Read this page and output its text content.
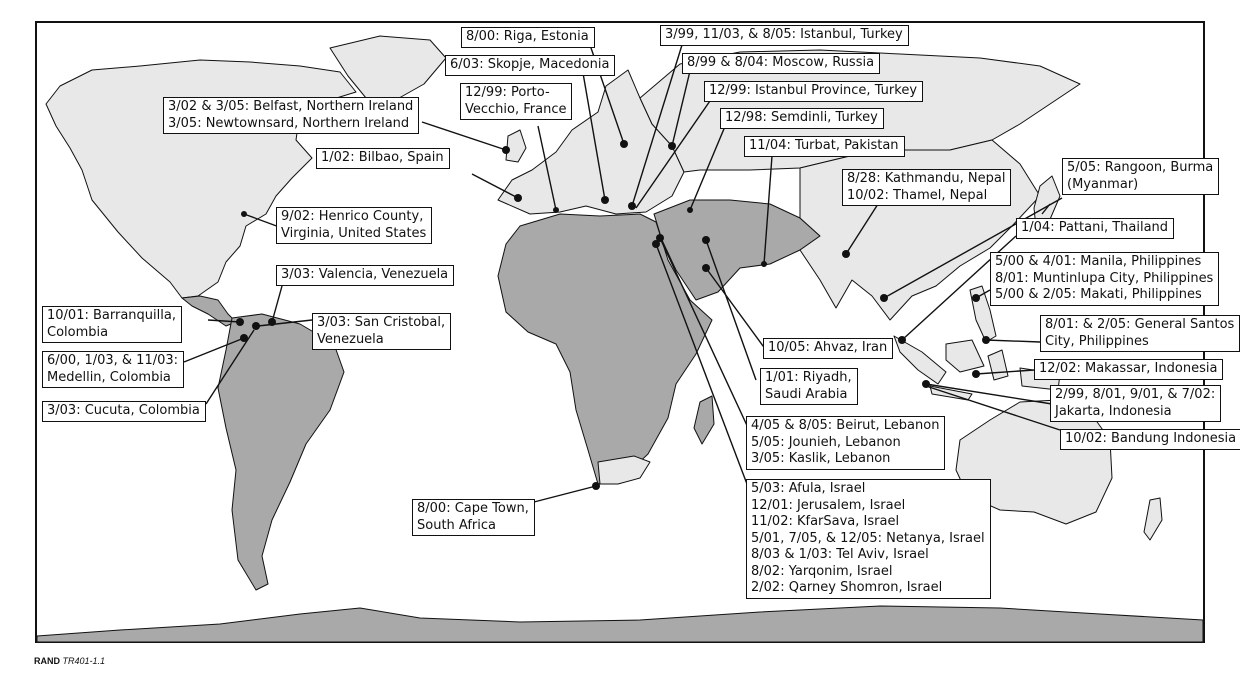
8/00: Riga, Estonia
6/03: Skopje, Macedonia
3/99, 11/03, & 8/05: Istanbul, Turkey
8/99 & 8/04: Moscow, Russia
12/99: Istanbul Province, Turkey
3/02 & 3/05: Belfast, Northern Ireland
3/05: Newtownsard, Northern Ireland
12/99: Porto-
Vecchio, France
12/98: Semdinli, Turkey
11/04: Turbat, Pakistan
1/02: Bilbao, Spain
8/28: Kathmandu, Nepal
10/02: Thamel, Nepal
5/05: Rangoon, Burma
(Myanmar)
9/02: Henrico County,
Virginia, United States	1/04: Pattani, Thailand
3/03: Valencia, Venezuela
5/00 & 4/01: Manila, Philippines
8/01: Muntinlupa City, Philippines
5/00 & 2/05: Makati, Philippines
10/01: Barranquilla,
Colombia
3/03: San Cristobal,
Venezuela
8/01: & 2/05: General Santos
City, Philippines
10/05: Ahvaz, Iran
6/00, 1/03, & 11/03:
Medellin, Colombia
12/02: Makassar, Indonesia
1/01: Riyadh,
Saudi Arabia	2/99, 8/01, 9/01, & 7/02:
Jakarta, Indonesia
3/03: Cucuta, Colombia
4/05 & 8/05: Beirut, Lebanon
5/05: Jounieh, Lebanon
3/05: Kaslik, Lebanon
10/02: Bandung Indonesia
8/00: Cape Town,
South Africa
5/03: Afula, Israel
12/01: Jerusalem, Israel
11/02: KfarSava, Israel
5/01, 7/05, & 12/05: Netanya, Israel
8/03 & 1/03: Tel Aviv, Israel
8/02: Yarqonim, Israel
2/02: Qarney Shomron, Israel
RAND TR401-1.1
